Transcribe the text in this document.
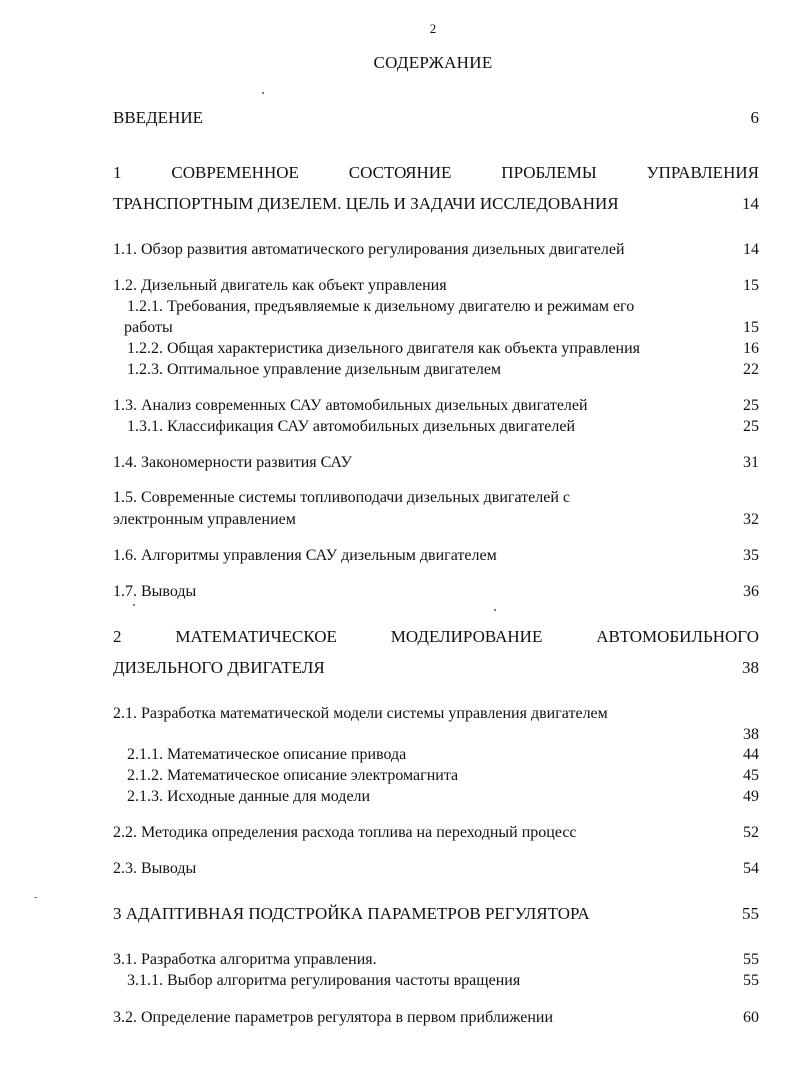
2
СОДЕРЖАНИЕ
ВВЕДЕНИЕ	6
1	СОВРЕМЕННОЕ	СОСТОЯНИЕ	ПРОБЛЕМЫ	УПРАВЛЕНИЯ
ТРАНСПОРТНЫМ ДИЗЕЛЕМ. ЦЕЛЬ И ЗАДАЧИ ИССЛЕДОВАНИЯ	14
1.1. Обзор развития автоматического регулирования дизельных двигателей	14
1.2. Дизельный двигатель как объект управления	15
1.2.1. Требования, предъявляемые к дизельному двигателю и режимам его
работы	15
1.2.2. Общая характеристика дизельного двигателя как объекта управления	16
1.2.3. Оптимальное управление дизельным двигателем	22
1.3. Анализ современных САУ автомобильных дизельных двигателей	25
1.3.1. Классификация САУ автомобильных дизельных двигателей	25
1.4. Закономерности развития САУ	31
1.5. Современные системы топливоподачи дизельных двигателей с
электронным управлением	32
1.6. Алгоритмы управления САУ дизельным двигателем	35
1.7. Выводы	36
2	МАТЕМАТИЧЕСКОЕ	МОДЕЛИРОВАНИЕ	АВТОМОБИЛЬНОГО
ДИЗЕЛЬНОГО ДВИГАТЕЛЯ	38
2.1. Разработка математической модели системы управления двигателем
38
2.1.1. Математическое описание привода	44
2.1.2. Математическое описание электромагнита	45
2.1.3. Исходные данные для модели	49
2.2. Методика определения расхода топлива на переходный процесс	52
2.3. Выводы	54
3 АДАПТИВНАЯ ПОДСТРОЙКА ПАРАМЕТРОВ РЕГУЛЯТОРА	55
3.1. Разработка алгоритма управления.	55
3.1.1. Выбор алгоритма регулирования частоты вращения	55
3.2. Определение параметров регулятора в первом приближении	60
